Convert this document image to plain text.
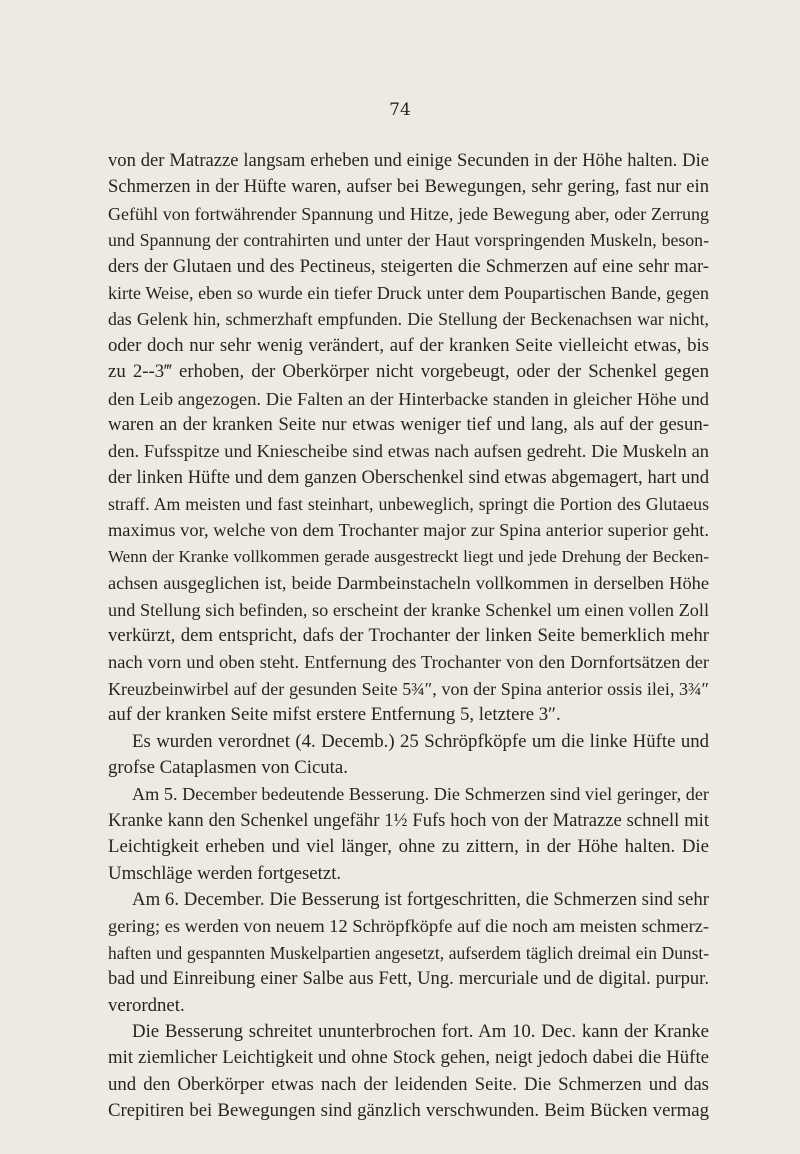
74
von der Matrazze langsam erheben und einige Secunden in der Höhe halten. Die
Schmerzen in der Hüfte waren, aufser bei Bewegungen, sehr gering, fast nur ein
Gefühl von fortwährender Spannung und Hitze, jede Bewegung aber, oder Zerrung
und Spannung der contrahirten und unter der Haut vorspringenden Muskeln, beson-
ders der Glutaen und des Pectineus, steigerten die Schmerzen auf eine sehr mar-
kirte Weise, eben so wurde ein tiefer Druck unter dem Poupartischen Bande, gegen
das Gelenk hin, schmerzhaft empfunden. Die Stellung der Beckenachsen war nicht,
oder doch nur sehr wenig verändert, auf der kranken Seite vielleicht etwas, bis
zu 2--3‴ erhoben, der Oberkörper nicht vorgebeugt, oder der Schenkel gegen
den Leib angezogen. Die Falten an der Hinterbacke standen in gleicher Höhe und
waren an der kranken Seite nur etwas weniger tief und lang, als auf der gesun-
den. Fufsspitze und Kniescheibe sind etwas nach aufsen gedreht. Die Muskeln an
der linken Hüfte und dem ganzen Oberschenkel sind etwas abgemagert, hart und
straff. Am meisten und fast steinhart, unbeweglich, springt die Portion des Glutaeus
maximus vor, welche von dem Trochanter major zur Spina anterior superior geht.
Wenn der Kranke vollkommen gerade ausgestreckt liegt und jede Drehung der Becken-
achsen ausgeglichen ist, beide Darmbeinstacheln vollkommen in derselben Höhe
und Stellung sich befinden, so erscheint der kranke Schenkel um einen vollen Zoll
verkürzt, dem entspricht, dafs der Trochanter der linken Seite bemerklich mehr
nach vorn und oben steht. Entfernung des Trochanter von den Dornfortsätzen der
Kreuzbeinwirbel auf der gesunden Seite 5¾″, von der Spina anterior ossis ilei, 3¾″
auf der kranken Seite mifst erstere Entfernung 5, letztere 3″.
Es wurden verordnet (4. Decemb.) 25 Schröpfköpfe um die linke Hüfte und
grofse Cataplasmen von Cicuta.
Am 5. December bedeutende Besserung. Die Schmerzen sind viel geringer, der
Kranke kann den Schenkel ungefähr 1½ Fufs hoch von der Matrazze schnell mit
Leichtigkeit erheben und viel länger, ohne zu zittern, in der Höhe halten. Die
Umschläge werden fortgesetzt.
Am 6. December. Die Besserung ist fortgeschritten, die Schmerzen sind sehr
gering; es werden von neuem 12 Schröpfköpfe auf die noch am meisten schmerz-
haften und gespannten Muskelpartien angesetzt, aufserdem täglich dreimal ein Dunst-
bad und Einreibung einer Salbe aus Fett, Ung. mercuriale und de digital. purpur.
verordnet.
Die Besserung schreitet ununterbrochen fort. Am 10. Dec. kann der Kranke
mit ziemlicher Leichtigkeit und ohne Stock gehen, neigt jedoch dabei die Hüfte
und den Oberkörper etwas nach der leidenden Seite. Die Schmerzen und das
Crepitiren bei Bewegungen sind gänzlich verschwunden. Beim Bücken vermag
